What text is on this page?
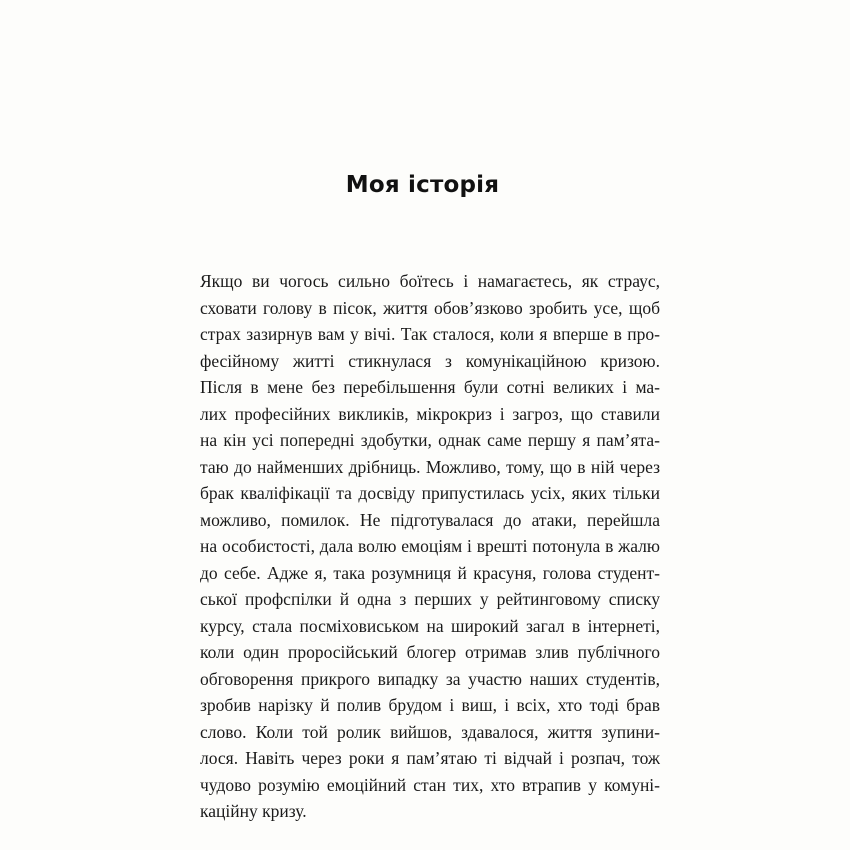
Моя історія
Якщо ви чогось сильно боїтесь і намагаєтесь, як страус,
сховати голову в пісок, життя обов’язково зробить усе, щоб
страх зазирнув вам у вічі. Так сталося, коли я вперше в про-
фесійному житті стикнулася з комунікаційною кризою.
Після в мене без перебільшення були сотні великих і ма-
лих професійних викликів, мікрокриз і загроз, що ставили
на кін усі попередні здобутки, однак саме першу я пам’ята-
таю до найменших дрібниць. Можливо, тому, що в ній через
брак кваліфікації та досвіду припустилась усіх, яких тільки
можливо, помилок. Не підготувалася до атаки, перейшла
на особистості, дала волю емоціям і врешті потонула в жалю
до себе. Адже я, така розумниця й красуня, голова студент-
ської профспілки й одна з перших у рейтинговому списку
курсу, стала посміховиськом на широкий загал в інтернеті,
коли один проросійський блогер отримав злив публічного
обговорення прикрого випадку за участю наших студентів,
зробив нарізку й полив брудом і виш, і всіх, хто тоді брав
слово. Коли той ролик вийшов, здавалося, життя зупини-
лося. Навіть через роки я пам’ятаю ті відчай і розпач, тож
чудово розумію емоційний стан тих, хто втрапив у комуні-
каційну кризу.
